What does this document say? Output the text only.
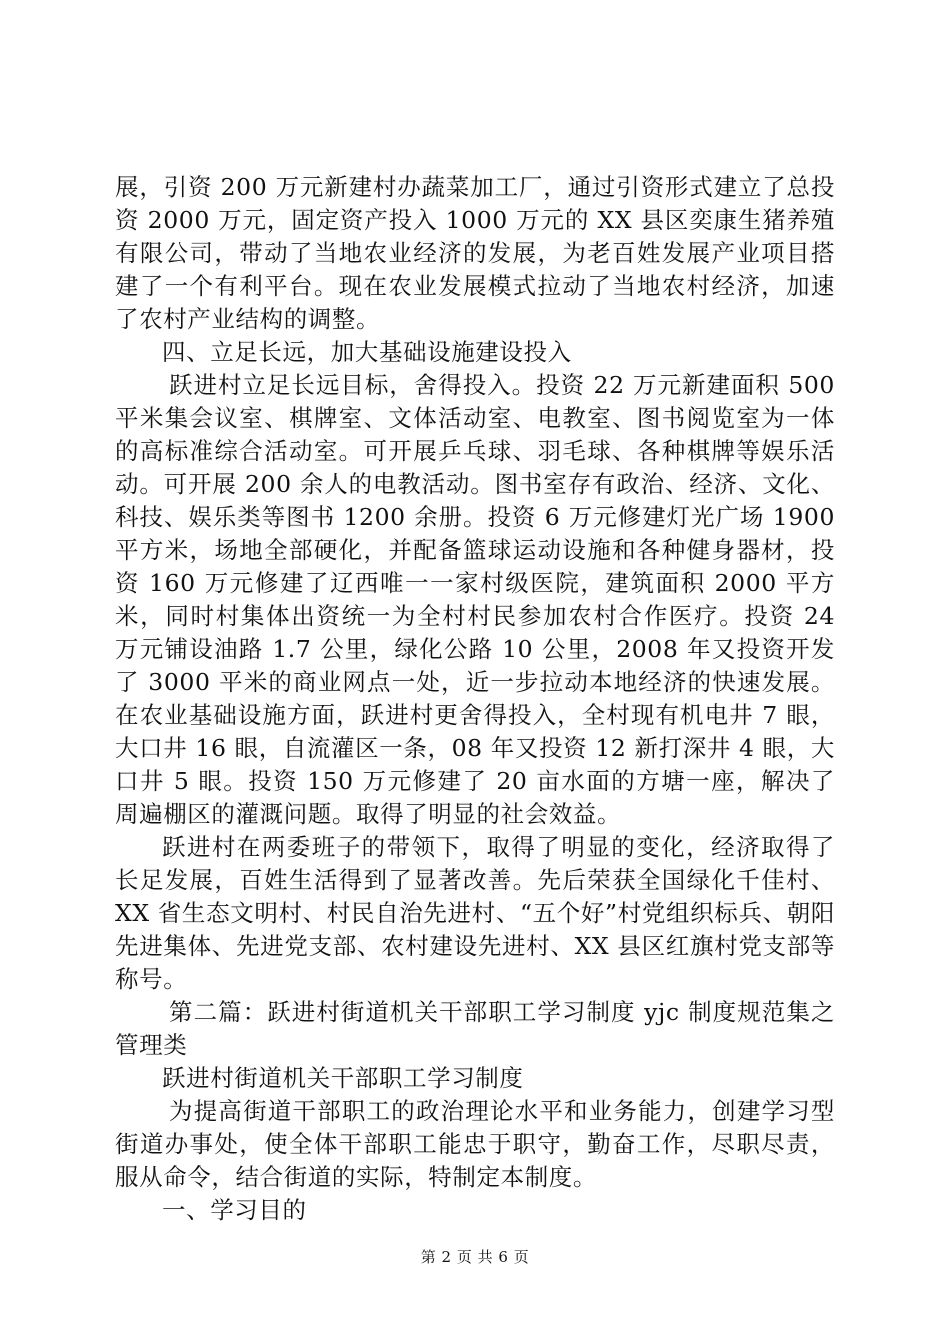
展，引资 200 万元新建村办蔬菜加工厂，通过引资形式建立了总投资 2000 万元，固定资产投入 1000 万元的 XX 县区奕康生猪养殖有限公司，带动了当地农业经济的发展，为老百姓发展产业项目搭建了一个有利平台。现在农业发展模式拉动了当地农村经济，加速了农村产业结构的调整。

四、立足长远，加大基础设施建设投入

跃进村立足长远目标，舍得投入。投资 22 万元新建面积 500 平米集会议室、棋牌室、文体活动室、电教室、图书阅览室为一体的高标准综合活动室。可开展乒乓球、羽毛球、各种棋牌等娱乐活动。可开展 200 余人的电教活动。图书室存有政治、经济、文化、科技、娱乐类等图书 1200 余册。投资 6 万元修建灯光广场 1900 平方米，场地全部硬化，并配备篮球运动设施和各种健身器材，投资 160 万元修建了辽西唯一一家村级医院，建筑面积 2000 平方米，同时村集体出资统一为全村村民参加农村合作医疗。投资 24 万元铺设油路 1.7 公里，绿化公路 10 公里，2008 年又投资开发了 3000 平米的商业网点一处，近一步拉动本地经济的快速发展。在农业基础设施方面，跃进村更舍得投入，全村现有机电井 7 眼，大口井 16 眼，自流灌区一条，08 年又投资 12 新打深井 4 眼，大口井 5 眼。投资 150 万元修建了 20 亩水面的方塘一座，解决了周遍棚区的灌溉问题。取得了明显的社会效益。

跃进村在两委班子的带领下，取得了明显的变化，经济取得了长足发展，百姓生活得到了显著改善。先后荣获全国绿化千佳村、XX 省生态文明村、村民自治先进村、“五个好”村党组织标兵、朝阳先进集体、先进党支部、农村建设先进村、XX 县区红旗村党支部等称号。

第二篇：跃进村街道机关干部职工学习制度 yjc 制度规范集之管理类

跃进村街道机关干部职工学习制度

为提高街道干部职工的政治理论水平和业务能力，创建学习型街道办事处，使全体干部职工能忠于职守，勤奋工作，尽职尽责，服从命令，结合街道的实际，特制定本制度。

一、学习目的

第 2 页 共 6 页
